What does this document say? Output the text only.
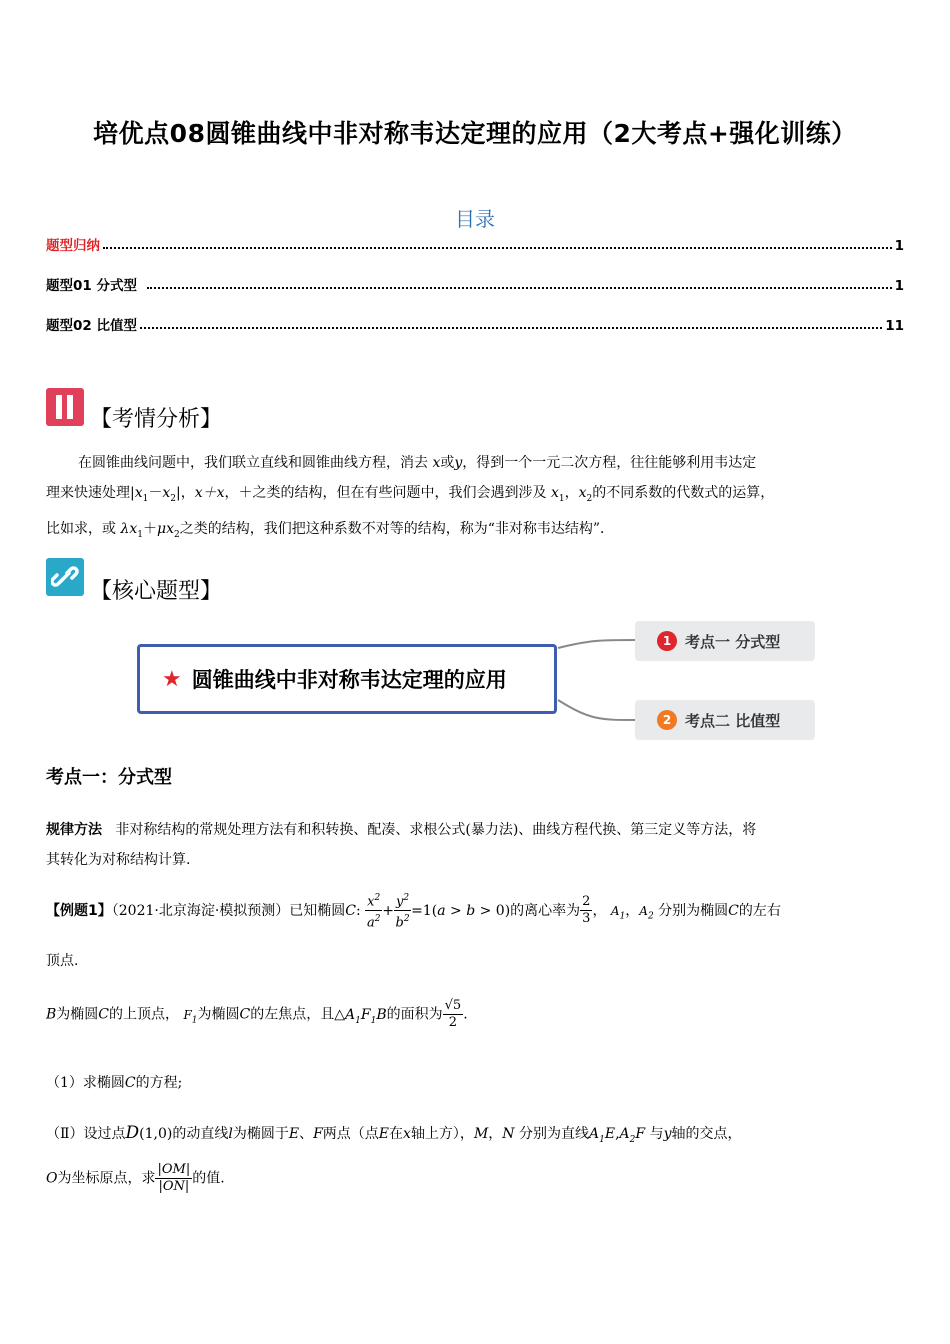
培优点08圆锥曲线中非对称韦达定理的应用（2大考点+强化训练）
目录
题型归纳	1
题型01 分式型	1
题型02 比值型	11
【考情分析】
在圆锥曲线问题中，我们联立直线和圆锥曲线方程，消去 x或y，得到一个一元二次方程，往往能够利用韦达定
理来快速处理$|x_1-x_2|$，x＋x，＋之类的结构，但在有些问题中，我们会遇到涉及 $x_1$，$x_2$的不同系数的代数式的运算，
比如求，或 $\lambda x_1+\mu x_2$之类的结构，我们把这种系数不对等的结构，称为“非对称韦达结构”．
【核心题型】
★ 圆锥曲线中非对称韦达定理的应用
1 考点一 分式型
2 考点二 比值型
考点一：分式型
规律方法 非对称结构的常规处理方法有和积转换、配凑、求根公式(暴力法)、曲线方程代换、第三定义等方法，将
其转化为对称结构计算.
【例题1】（2021·北京海淀·模拟预测）已知椭圆C: $\frac{x^2}{a^2} + \frac{y^2}{b^2} =1(a > b > 0)$的离心率为 $\frac{2}{3}$ ， $A_1$，$A_2$ 分别为椭圆C的左右
顶点.
B为椭圆C的上顶点， $F_1$为椭圆C的左焦点，且$\triangle A_1F_1B$的面积为 $\frac{√5}{2}$ .
（1）求椭圆C的方程;
（Ⅱ）设过点D(1,0)的动直线l为椭圆于E、F两点（点E在x轴上方），M，N 分别为直线$A_1E,A_2F$ 与y轴的交点，
O为坐标原点，求 $\frac{|OM|}{|ON|}$ 的值.
